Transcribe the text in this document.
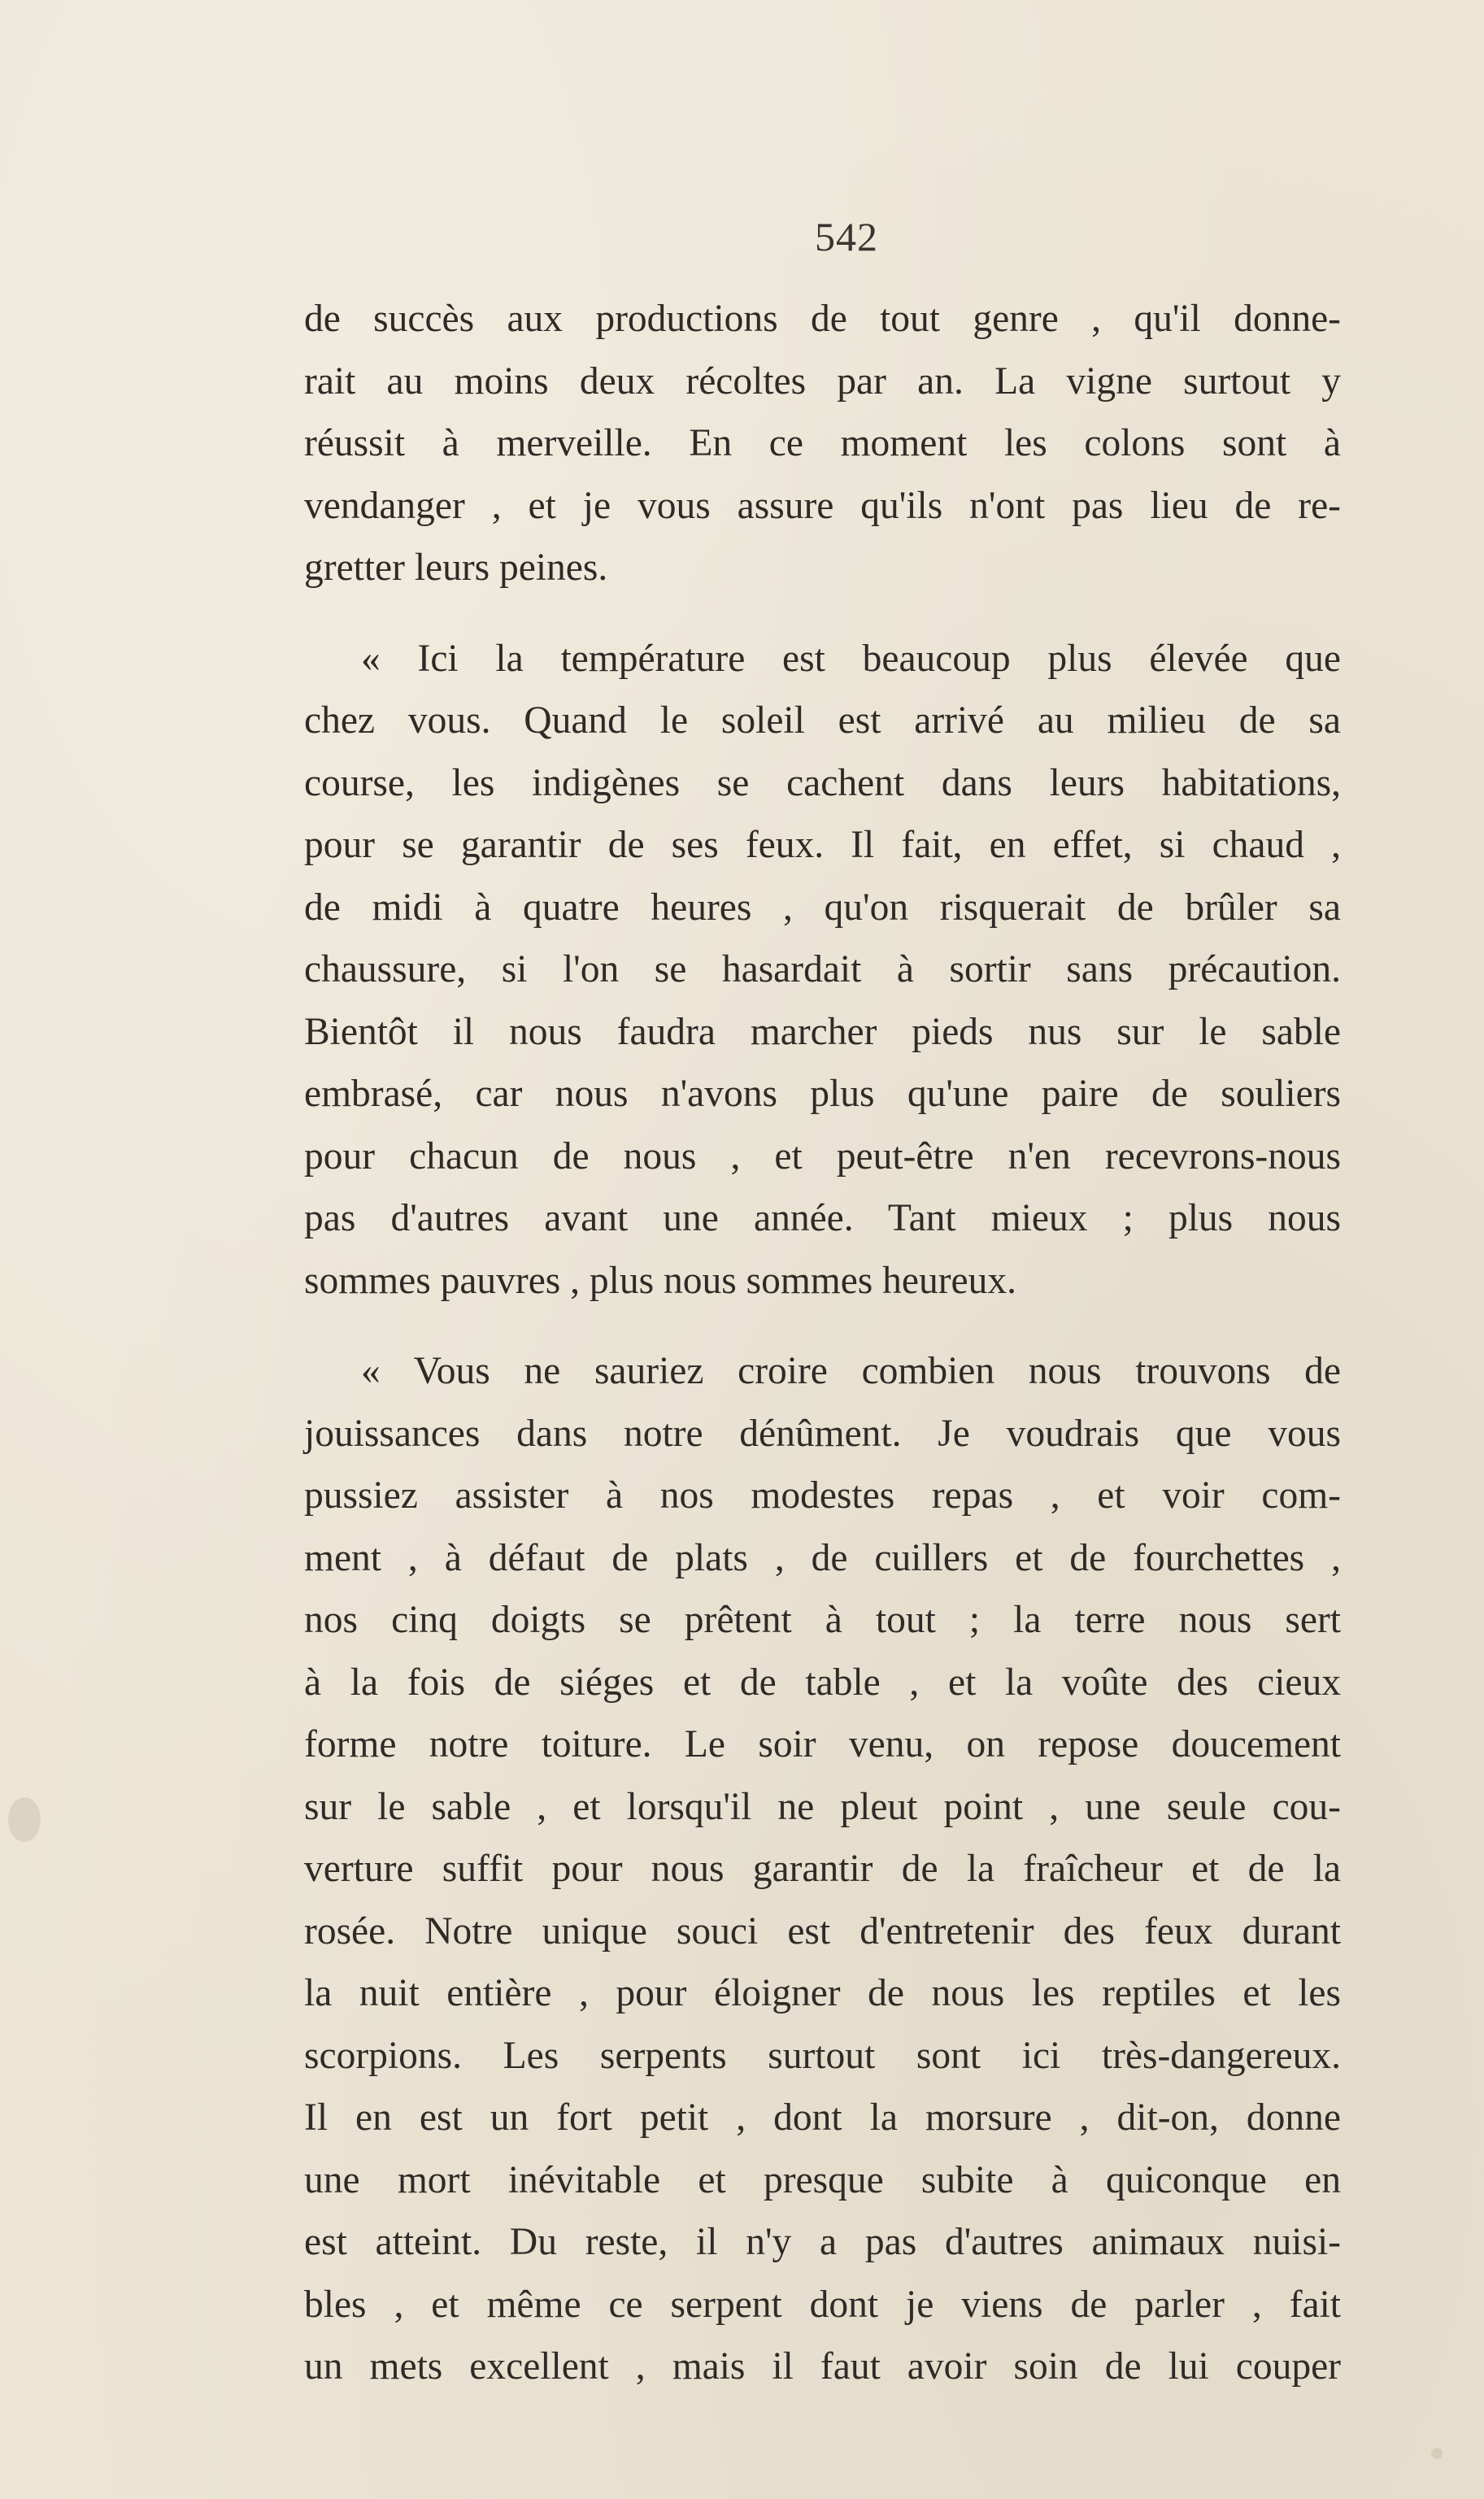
542

de succès aux productions de tout genre , qu'il donne-
rait au moins deux récoltes par an. La vigne surtout y
réussit à merveille. En ce moment les colons sont à
vendanger , et je vous assure qu'ils n'ont pas lieu de re-
gretter leurs peines.
« Ici la température est beaucoup plus élevée que
chez vous. Quand le soleil est arrivé au milieu de sa
course, les indigènes se cachent dans leurs habitations,
pour se garantir de ses feux. Il fait, en effet, si chaud ,
de midi à quatre heures , qu'on risquerait de brûler sa
chaussure, si l'on se hasardait à sortir sans précaution.
Bientôt il nous faudra marcher pieds nus sur le sable
embrasé, car nous n'avons plus qu'une paire de souliers
pour chacun de nous , et peut-être n'en recevrons-nous
pas d'autres avant une année. Tant mieux ; plus nous
sommes pauvres , plus nous sommes heureux.
« Vous ne sauriez croire combien nous trouvons de
jouissances dans notre dénûment. Je voudrais que vous
pussiez assister à nos modestes repas , et voir com-
ment , à défaut de plats , de cuillers et de fourchettes ,
nos cinq doigts se prêtent à tout ; la terre nous sert
à la fois de siéges et de table , et la voûte des cieux
forme notre toiture. Le soir venu, on repose doucement
sur le sable , et lorsqu'il ne pleut point , une seule cou-
verture suffit pour nous garantir de la fraîcheur et de la
rosée. Notre unique souci est d'entretenir des feux durant
la nuit entière , pour éloigner de nous les reptiles et les
scorpions. Les serpents surtout sont ici très-dangereux.
Il en est un fort petit , dont la morsure , dit-on, donne
une mort inévitable et presque subite à quiconque en
est atteint. Du reste, il n'y a pas d'autres animaux nuisi-
bles , et même ce serpent dont je viens de parler , fait
un mets excellent , mais il faut avoir soin de lui couper
